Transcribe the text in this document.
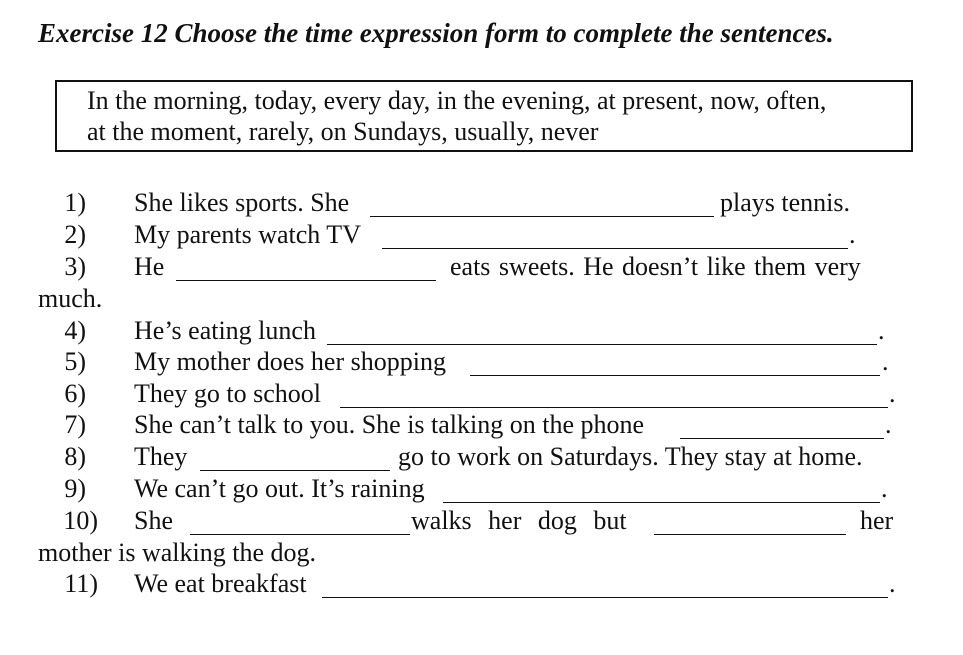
Exercise 12 Choose the time expression form to complete the sentences.
In the morning, today, every day, in the evening, at present, now, often,
at the moment, rarely, on Sundays, usually, never
1) She likes sports. She	plays tennis.
2) My parents watch TV	.
3) He	eats sweets. He doesn’t like them very
much.
4) He’s eating lunch	.
5) My mother does her shopping	.
6) They go to school	.
7) She can’t talk to you. She is talking on the phone	.
8) They	go to work on Saturdays. They stay at home.
9) We can’t go out. It’s raining	.
10) She	walks her dog but	her
mother is walking the dog.
11) We eat breakfast	.
